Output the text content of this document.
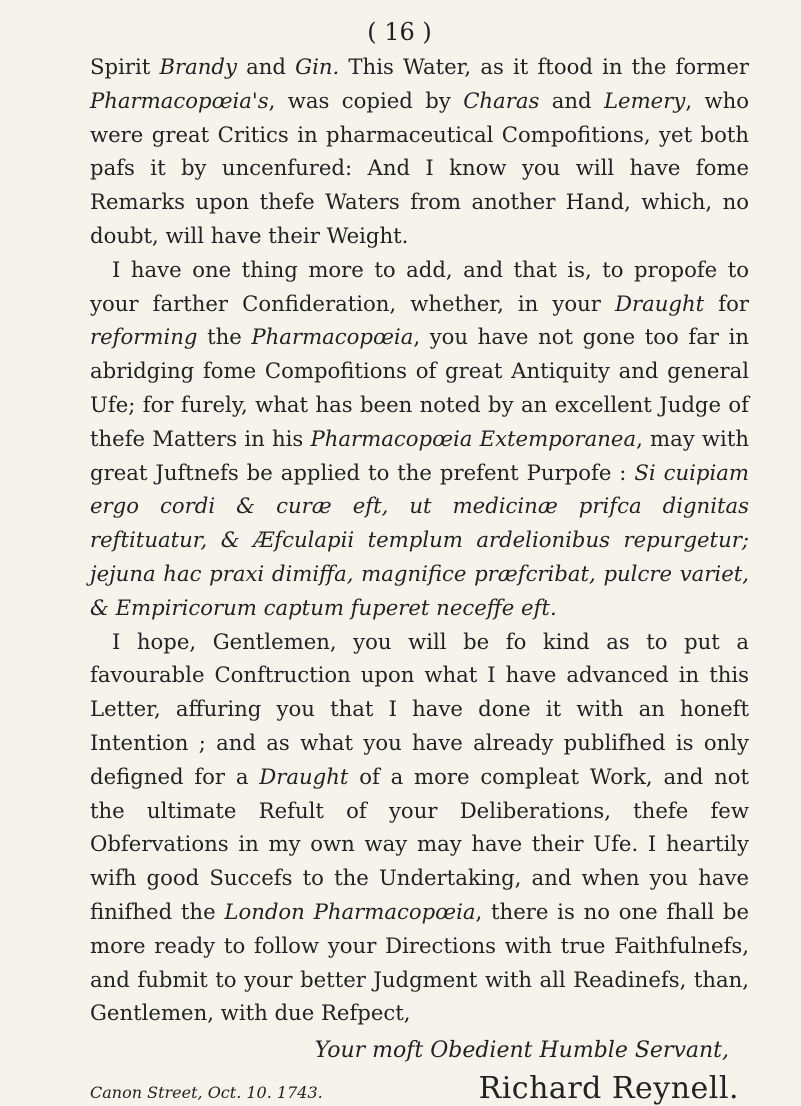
( 16 )

Spirit Brandy and Gin. This Water, as it ftood in the former Pharmacopœia's, was copied by Charas and Lemery, who were great Critics in pharmaceutical Compofitions, yet both pafs it by uncenfured: And I know you will have fome Remarks upon thefe Waters from another Hand, which, no doubt, will have their Weight.

I have one thing more to add, and that is, to propofe to your farther Confideration, whether, in your Draught for reforming the Pharmacopœia, you have not gone too far in abridging fome Compofitions of great Antiquity and general Ufe; for furely, what has been noted by an excellent Judge of thefe Matters in his Pharmacopœia Extemporanea, may with great Juftnefs be applied to the prefent Purpofe : Si cuipiam ergo cordi & curæ eft, ut medicinæ prifca dignitas reftituatur, & Æfculapii templum ardelionibus repurgetur; jejuna hac praxi dimiffa, magnifice præfcribat, pulcre variet, & Empiricorum captum fuperet neceffe eft.

I hope, Gentlemen, you will be fo kind as to put a favourable Conftruction upon what I have advanced in this Letter, affuring you that I have done it with an honeft Intention ; and as what you have already publifhed is only defigned for a Draught of a more compleat Work, and not the ultimate Refult of your Deliberations, thefe few Obfervations in my own way may have their Ufe. I heartily wifh good Succefs to the Undertaking, and when you have finifhed the London Pharmacopœia, there is no one fhall be more ready to follow your Directions with true Faithfulnefs, and fubmit to your better Judgment with all Readinefs, than, Gentlemen, with due Refpect,

Your moft Obedient Humble Servant,
Canon Street, Oct. 10. 1743.	Richard Reynell.
